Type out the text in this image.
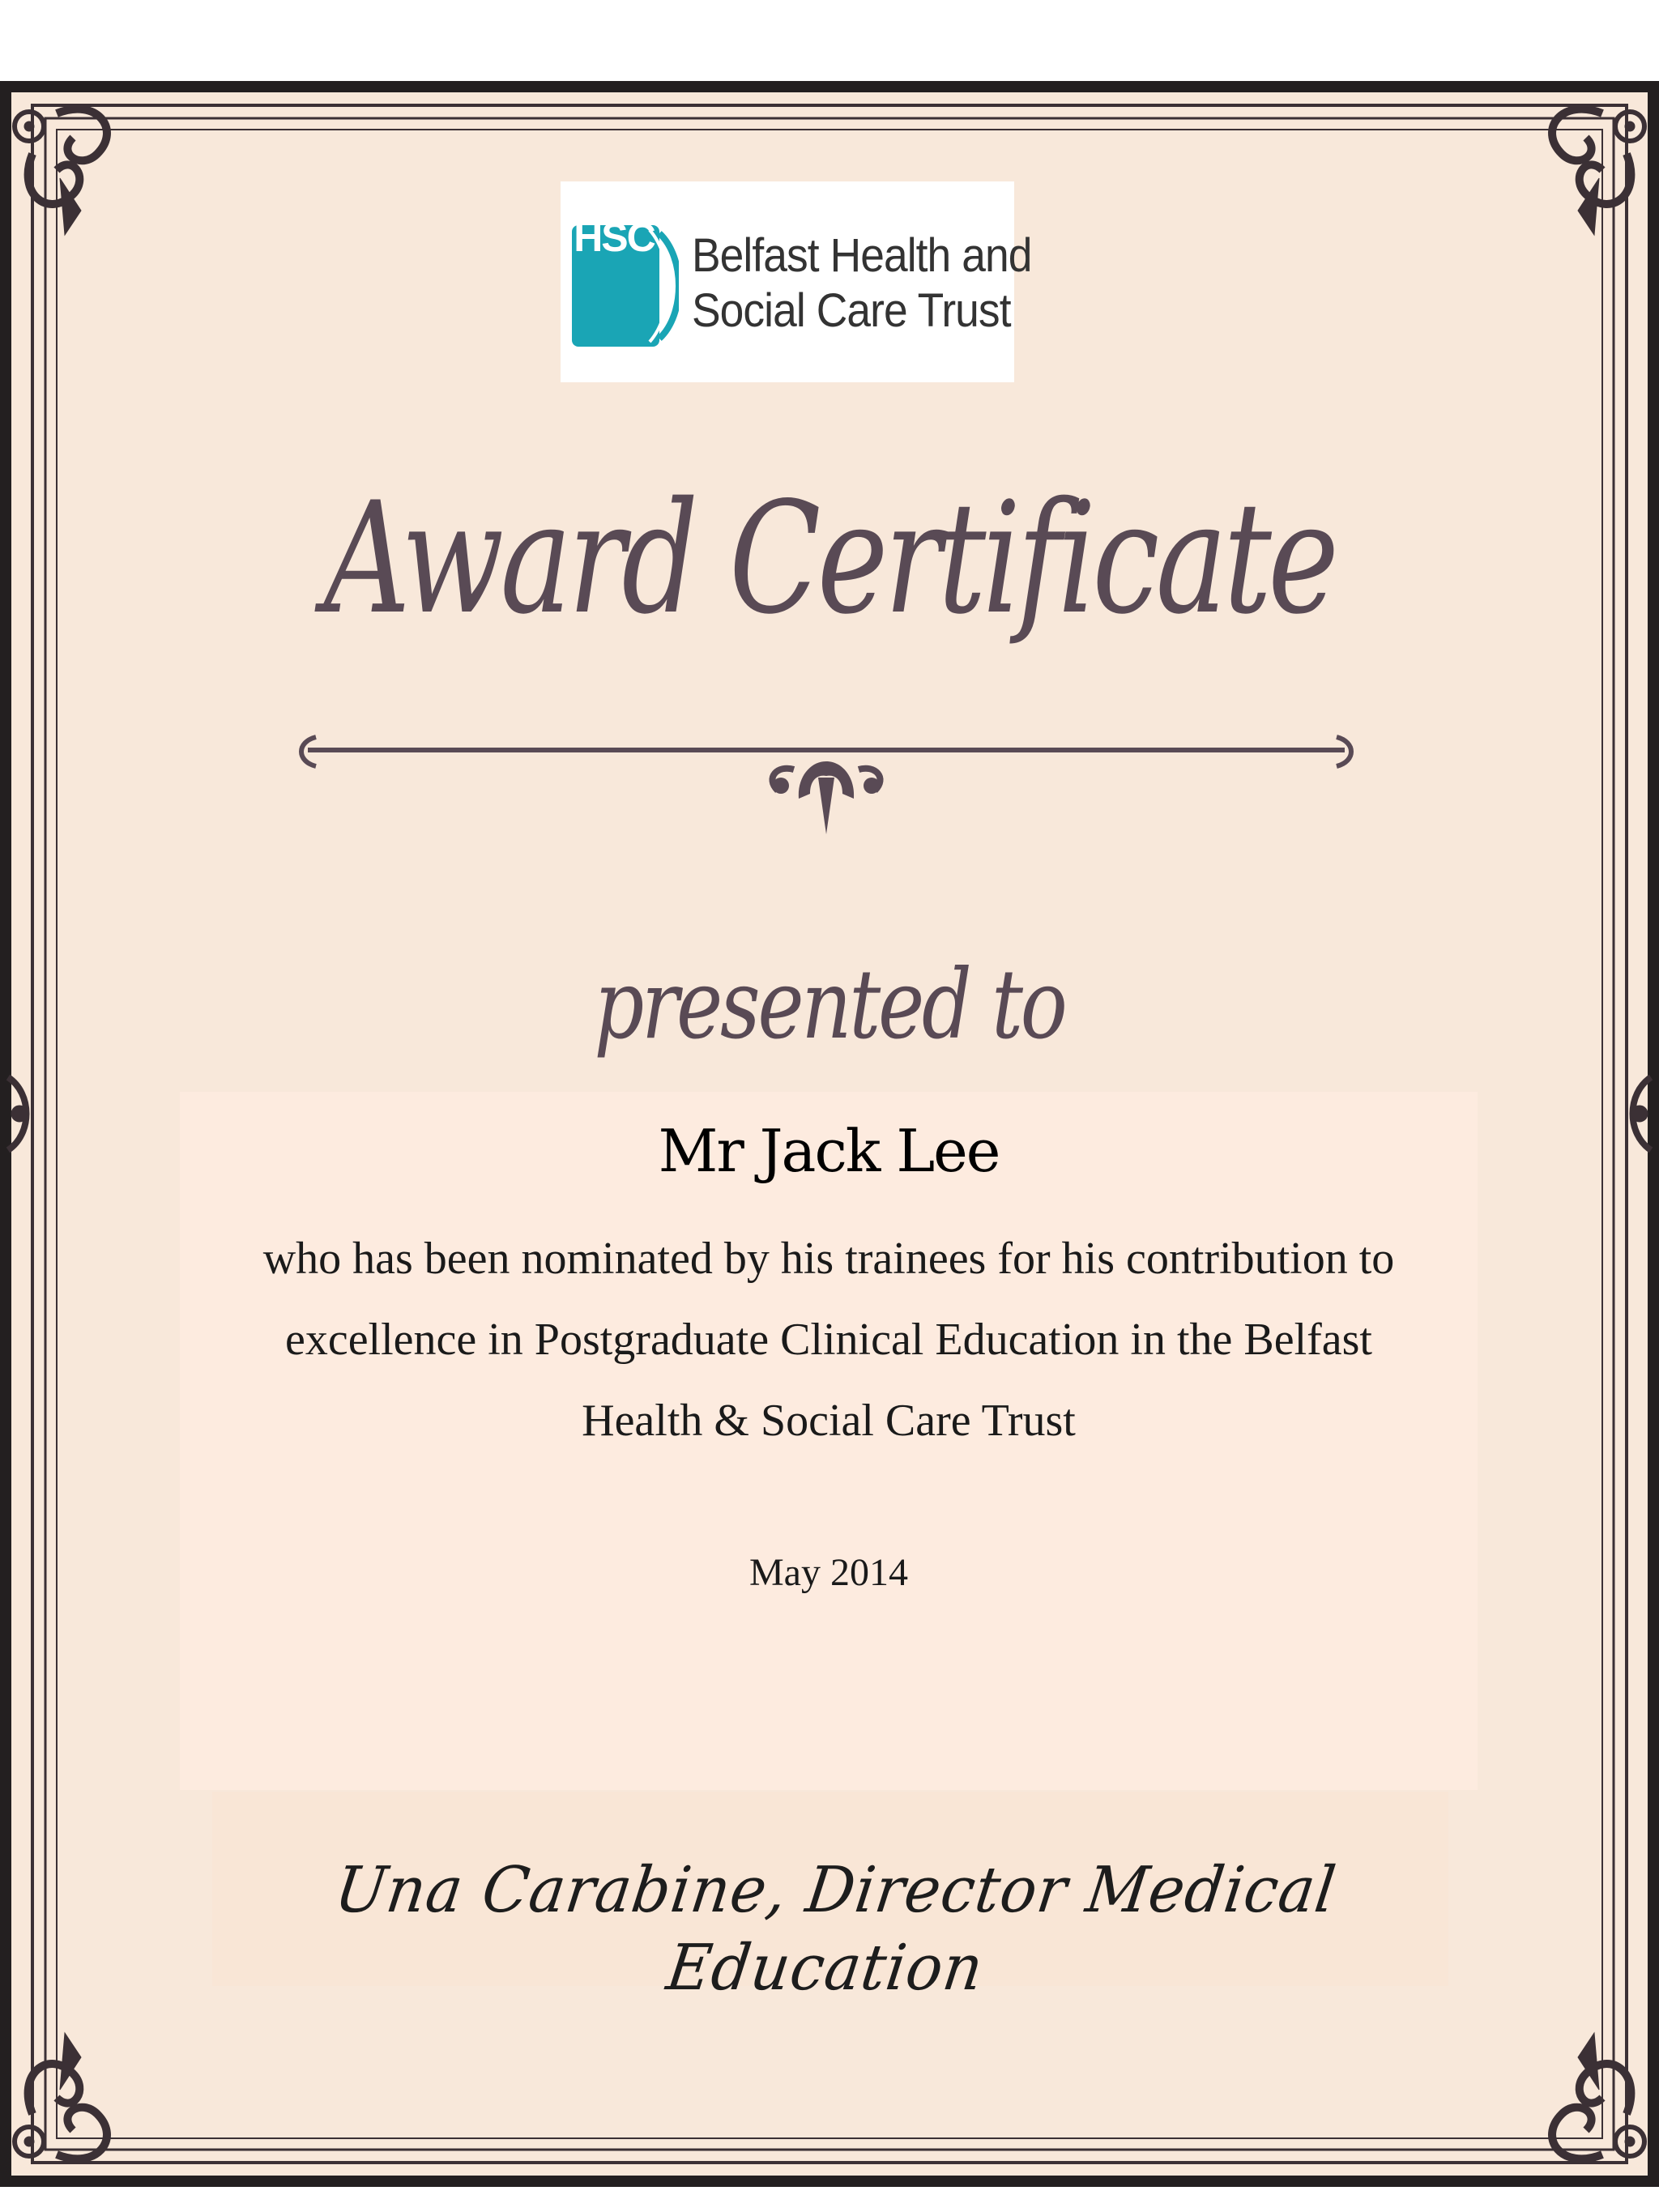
HSC Belfast Health and
Social Care Trust
Award Certificate
presented to
Mr Jack Lee
who has been nominated by his trainees for his contribution to
excellence in Postgraduate Clinical Education in the Belfast
Health & Social Care Trust
May 2014
Una Carabine, Director Medical Education
